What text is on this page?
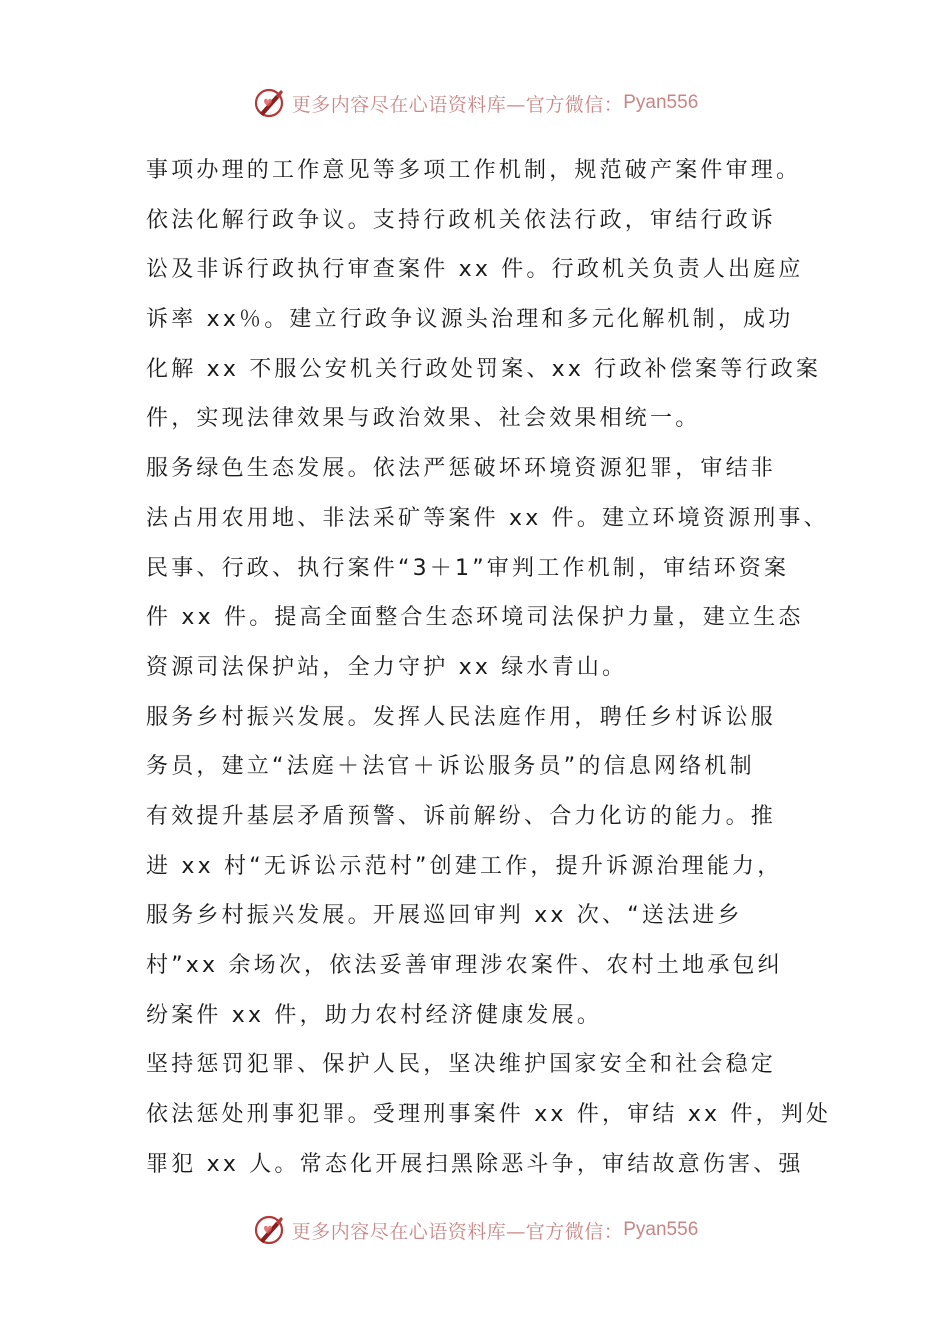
更多内容尽在心语资料库—官方微信： Pyan556
事项办理的工作意见等多项工作机制，规范破产案件审理。
依法化解行政争议。支持行政机关依法行政，审结行政诉
讼及非诉行政执行审查案件 xx 件。行政机关负责人出庭应
诉率 xx％。建立行政争议源头治理和多元化解机制，成功
化解 xx 不服公安机关行政处罚案、xx 行政补偿案等行政案
件，实现法律效果与政治效果、社会效果相统一。
服务绿色生态发展。依法严惩破坏环境资源犯罪，审结非
法占用农用地、非法采矿等案件 xx 件。建立环境资源刑事、
民事、行政、执行案件“3＋1”审判工作机制，审结环资案
件 xx 件。提高全面整合生态环境司法保护力量，建立生态
资源司法保护站，全力守护 xx 绿水青山。
服务乡村振兴发展。发挥人民法庭作用，聘任乡村诉讼服
务员，建立“法庭＋法官＋诉讼服务员”的信息网络机制
有效提升基层矛盾预警、诉前解纷、合力化访的能力。推
进 xx 村“无诉讼示范村”创建工作，提升诉源治理能力，
服务乡村振兴发展。开展巡回审判 xx 次、“送法进乡
村”xx 余场次，依法妥善审理涉农案件、农村土地承包纠
纷案件 xx 件，助力农村经济健康发展。
坚持惩罚犯罪、保护人民，坚决维护国家安全和社会稳定
依法惩处刑事犯罪。受理刑事案件 xx 件，审结 xx 件，判处
罪犯 xx 人。常态化开展扫黑除恶斗争，审结故意伤害、强
更多内容尽在心语资料库—官方微信： Pyan556
